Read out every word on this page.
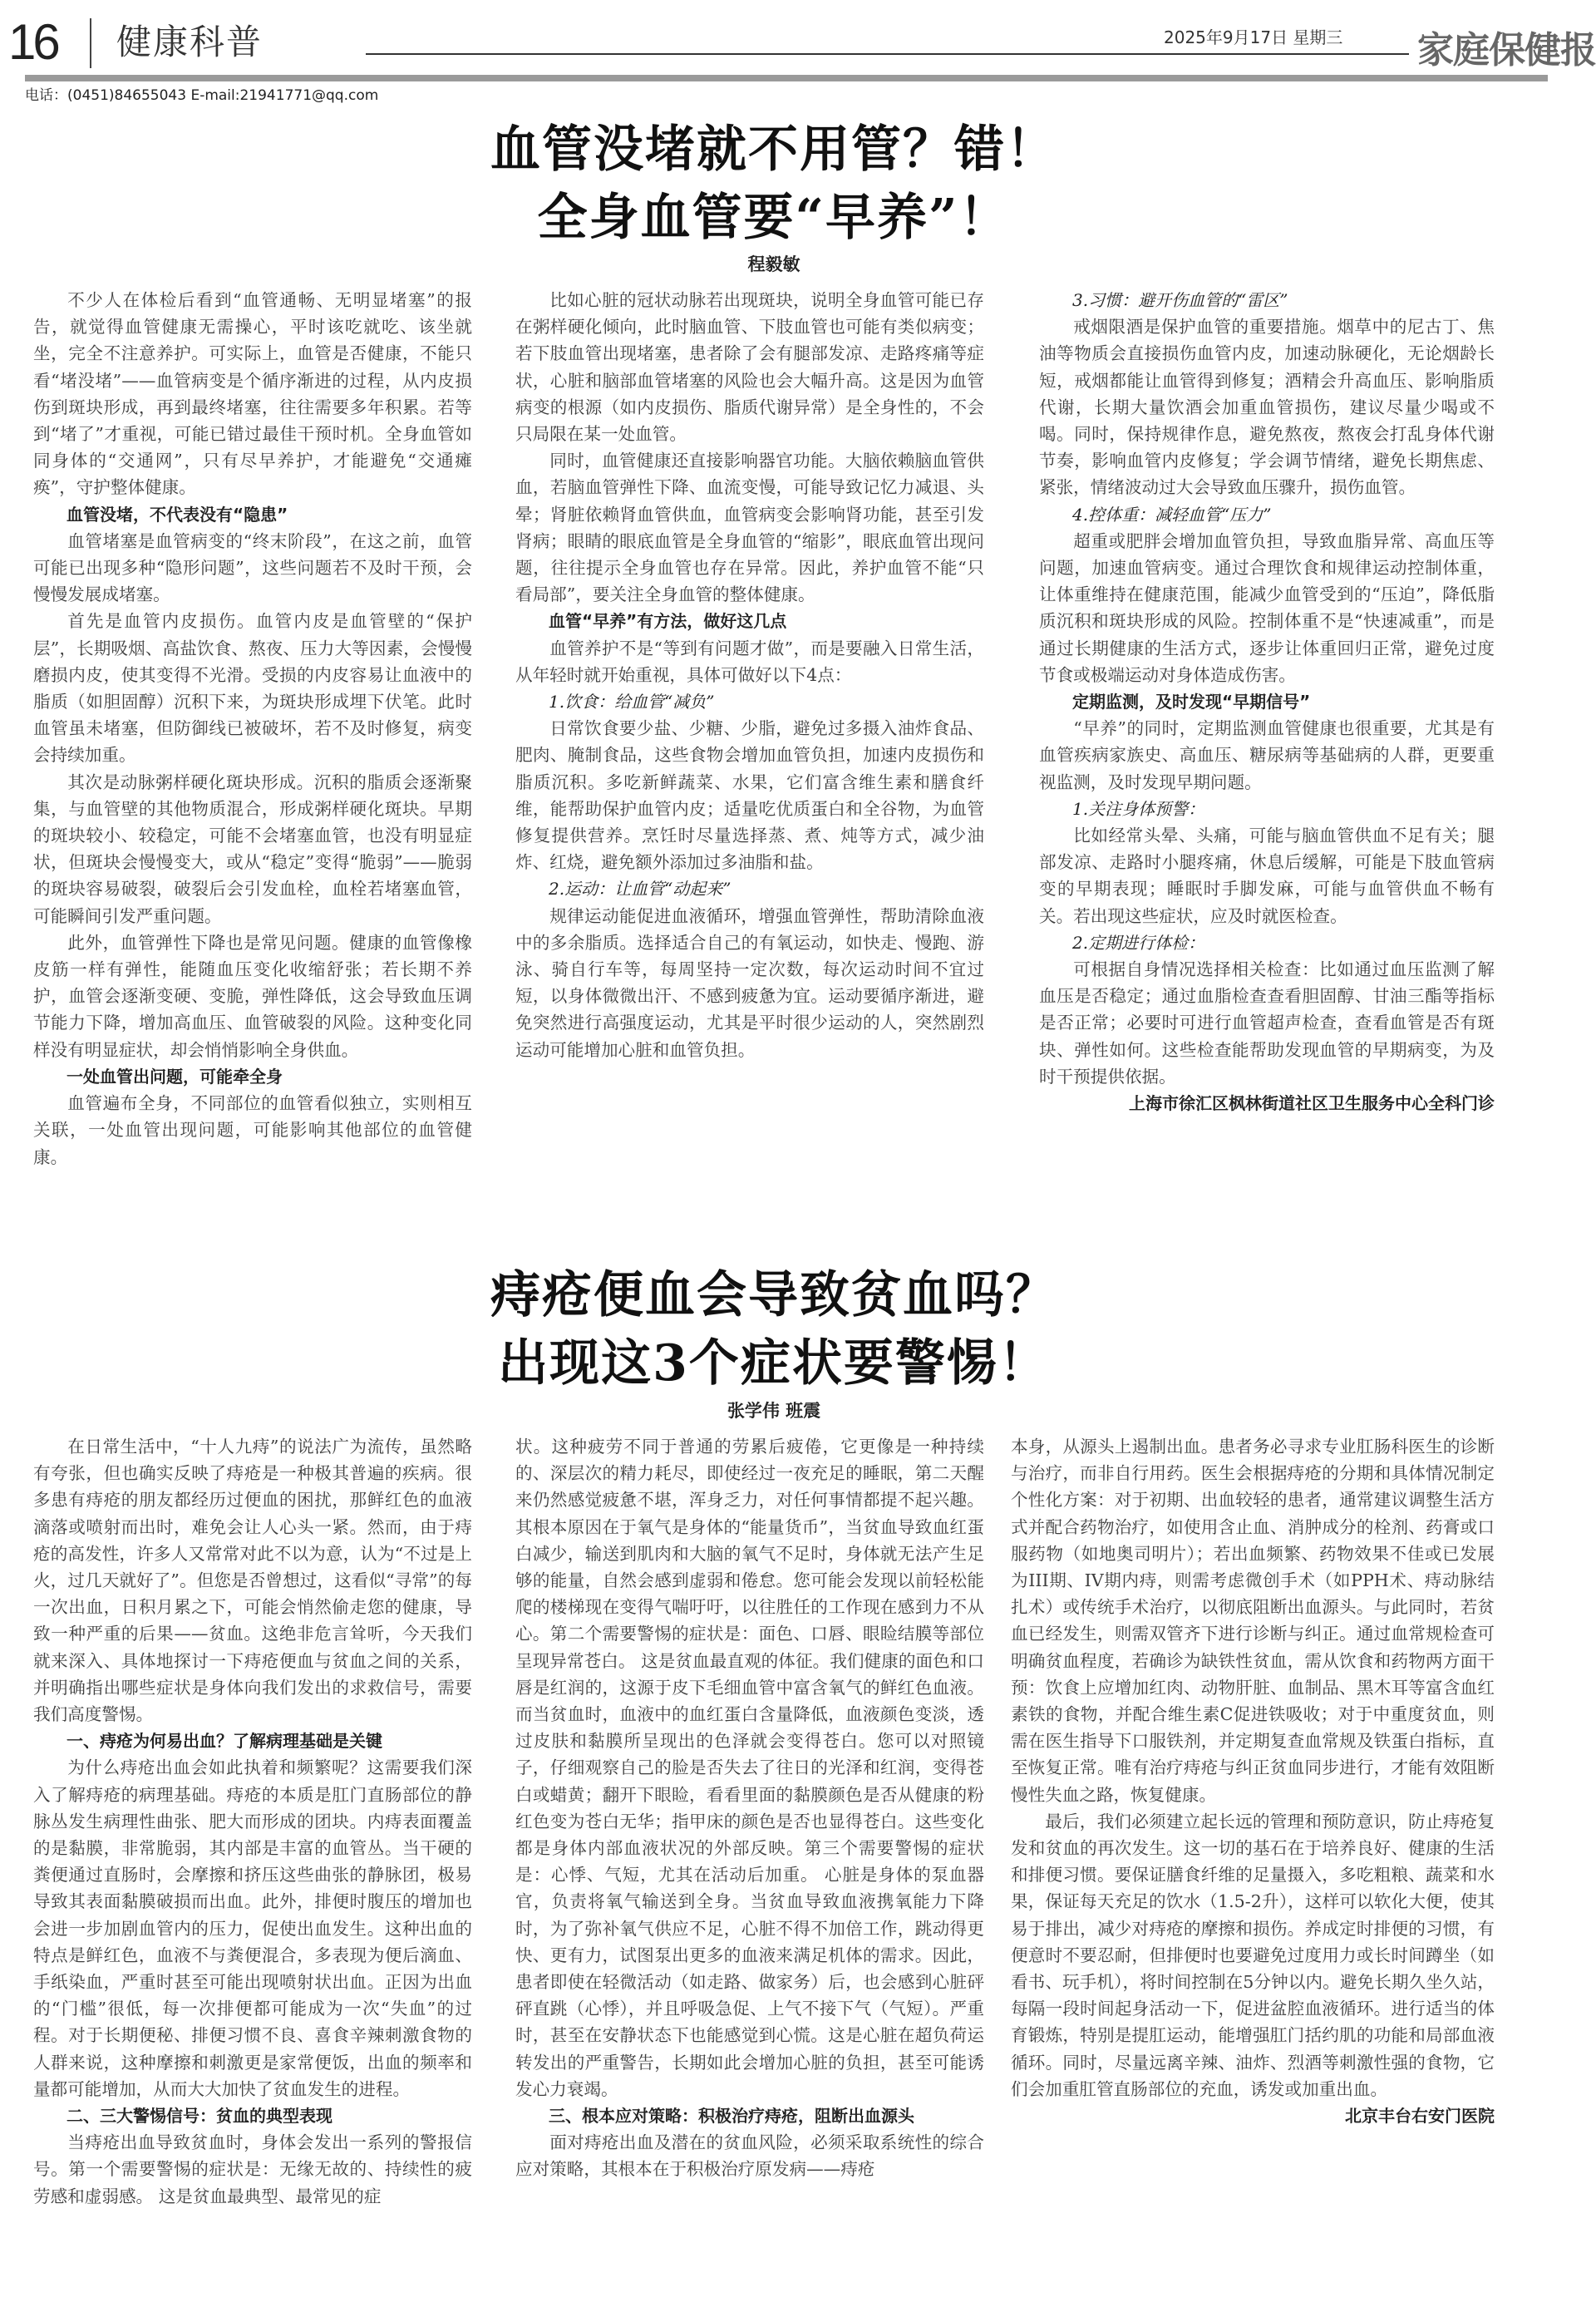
16 健康科普	2025年9月17日 星期三 家庭保健报
电话：(0451)84655043 E-mail:21941771@qq.com
血管没堵就不用管？错！
全身血管要“早养”！
程毅敏

不少人在体检后看到“血管通畅、无明显堵塞”的报告，就觉得血管健康无需操心，平时该吃就吃、该坐就坐，完全不注意养护。可实际上，血管是否健康，不能只看“堵没堵”——血管病变是个循序渐进的过程，从内皮损伤到斑块形成，再到最终堵塞，往往需要多年积累。若等到“堵了”才重视，可能已错过最佳干预时机。全身血管如同身体的“交通网”，只有尽早养护，才能避免“交通瘫痪”，守护整体健康。

血管没堵，不代表没有“隐患”

血管堵塞是血管病变的“终末阶段”，在这之前，血管可能已出现多种“隐形问题”，这些问题若不及时干预，会慢慢发展成堵塞。

首先是血管内皮损伤。血管内皮是血管壁的“保护层”，长期吸烟、高盐饮食、熬夜、压力大等因素，会慢慢磨损内皮，使其变得不光滑。受损的内皮容易让血液中的脂质（如胆固醇）沉积下来，为斑块形成埋下伏笔。此时血管虽未堵塞，但防御线已被破坏，若不及时修复，病变会持续加重。

其次是动脉粥样硬化斑块形成。沉积的脂质会逐渐聚集，与血管壁的其他物质混合，形成粥样硬化斑块。早期的斑块较小、较稳定，可能不会堵塞血管，也没有明显症状，但斑块会慢慢变大，或从“稳定”变得“脆弱”——脆弱的斑块容易破裂，破裂后会引发血栓，血栓若堵塞血管，可能瞬间引发严重问题。

此外，血管弹性下降也是常见问题。健康的血管像橡皮筋一样有弹性，能随血压变化收缩舒张；若长期不养护，血管会逐渐变硬、变脆，弹性降低，这会导致血压调节能力下降，增加高血压、血管破裂的风险。这种变化同样没有明显症状，却会悄悄影响全身供血。

一处血管出问题，可能牵全身

血管遍布全身，不同部位的血管看似独立，实则相互关联，一处血管出现问题，可能影响其他部位的血管健康。

比如心脏的冠状动脉若出现斑块，说明全身血管可能已存在粥样硬化倾向，此时脑血管、下肢血管也可能有类似病变；若下肢血管出现堵塞，患者除了会有腿部发凉、走路疼痛等症状，心脏和脑部血管堵塞的风险也会大幅升高。这是因为血管病变的根源（如内皮损伤、脂质代谢异常）是全身性的，不会只局限在某一处血管。

同时，血管健康还直接影响器官功能。大脑依赖脑血管供血，若脑血管弹性下降、血流变慢，可能导致记忆力减退、头晕；肾脏依赖肾血管供血，血管病变会影响肾功能，甚至引发肾病；眼睛的眼底血管是全身血管的“缩影”，眼底血管出现问题，往往提示全身血管也存在异常。因此，养护血管不能“只看局部”，要关注全身血管的整体健康。

血管“早养”有方法，做好这几点

血管养护不是“等到有问题才做”，而是要融入日常生活，从年轻时就开始重视，具体可做好以下4点：

1.饮食：给血管“减负”

日常饮食要少盐、少糖、少脂，避免过多摄入油炸食品、肥肉、腌制食品，这些食物会增加血管负担，加速内皮损伤和脂质沉积。多吃新鲜蔬菜、水果，它们富含维生素和膳食纤维，能帮助保护血管内皮；适量吃优质蛋白和全谷物，为血管修复提供营养。烹饪时尽量选择蒸、煮、炖等方式，减少油炸、红烧，避免额外添加过多油脂和盐。

2.运动：让血管“动起来”

规律运动能促进血液循环，增强血管弹性，帮助清除血液中的多余脂质。选择适合自己的有氧运动，如快走、慢跑、游泳、骑自行车等，每周坚持一定次数，每次运动时间不宜过短，以身体微微出汗、不感到疲惫为宜。运动要循序渐进，避免突然进行高强度运动，尤其是平时很少运动的人，突然剧烈运动可能增加心脏和血管负担。

3.习惯：避开伤血管的“雷区”

戒烟限酒是保护血管的重要措施。烟草中的尼古丁、焦油等物质会直接损伤血管内皮，加速动脉硬化，无论烟龄长短，戒烟都能让血管得到修复；酒精会升高血压、影响脂质代谢，长期大量饮酒会加重血管损伤，建议尽量少喝或不喝。同时，保持规律作息，避免熬夜，熬夜会打乱身体代谢节奏，影响血管内皮修复；学会调节情绪，避免长期焦虑、紧张，情绪波动过大会导致血压骤升，损伤血管。

4.控体重：减轻血管“压力”

超重或肥胖会增加血管负担，导致血脂异常、高血压等问题，加速血管病变。通过合理饮食和规律运动控制体重，让体重维持在健康范围，能减少血管受到的“压迫”，降低脂质沉积和斑块形成的风险。控制体重不是“快速减重”，而是通过长期健康的生活方式，逐步让体重回归正常，避免过度节食或极端运动对身体造成伤害。

定期监测，及时发现“早期信号”

“早养”的同时，定期监测血管健康也很重要，尤其是有血管疾病家族史、高血压、糖尿病等基础病的人群，更要重视监测，及时发现早期问题。

1.关注身体预警：

比如经常头晕、头痛，可能与脑血管供血不足有关；腿部发凉、走路时小腿疼痛，休息后缓解，可能是下肢血管病变的早期表现；睡眠时手脚发麻，可能与血管供血不畅有关。若出现这些症状，应及时就医检查。

2.定期进行体检：

可根据自身情况选择相关检查：比如通过血压监测了解血压是否稳定；通过血脂检查查看胆固醇、甘油三酯等指标是否正常；必要时可进行血管超声检查，查看血管是否有斑块、弹性如何。这些检查能帮助发现血管的早期病变，为及时干预提供依据。

上海市徐汇区枫林街道社区卫生服务中心全科门诊

痔疮便血会导致贫血吗？
出现这3个症状要警惕！
张学伟 班震

在日常生活中，“十人九痔”的说法广为流传，虽然略有夸张，但也确实反映了痔疮是一种极其普遍的疾病。很多患有痔疮的朋友都经历过便血的困扰，那鲜红色的血液滴落或喷射而出时，难免会让人心头一紧。然而，由于痔疮的高发性，许多人又常常对此不以为意，认为“不过是上火，过几天就好了”。但您是否曾想过，这看似“寻常”的每一次出血，日积月累之下，可能会悄然偷走您的健康，导致一种严重的后果——贫血。这绝非危言耸听，今天我们就来深入、具体地探讨一下痔疮便血与贫血之间的关系，并明确指出哪些症状是身体向我们发出的求救信号，需要我们高度警惕。

一、痔疮为何易出血？了解病理基础是关键

为什么痔疮出血会如此执着和频繁呢？这需要我们深入了解痔疮的病理基础。痔疮的本质是肛门直肠部位的静脉丛发生病理性曲张、肥大而形成的团块。内痔表面覆盖的是黏膜，非常脆弱，其内部是丰富的血管丛。当干硬的粪便通过直肠时，会摩擦和挤压这些曲张的静脉团，极易导致其表面黏膜破损而出血。此外，排便时腹压的增加也会进一步加剧血管内的压力，促使出血发生。这种出血的特点是鲜红色，血液不与粪便混合，多表现为便后滴血、手纸染血，严重时甚至可能出现喷射状出血。正因为出血的“门槛”很低，每一次排便都可能成为一次“失血”的过程。对于长期便秘、排便习惯不良、喜食辛辣刺激食物的人群来说，这种摩擦和刺激更是家常便饭，出血的频率和量都可能增加，从而大大加快了贫血发生的进程。

二、三大警惕信号：贫血的典型表现

当痔疮出血导致贫血时，身体会发出一系列的警报信号。第一个需要警惕的症状是：无缘无故的、持续性的疲劳感和虚弱感。 这是贫血最典型、最常见的症

状。这种疲劳不同于普通的劳累后疲倦，它更像是一种持续的、深层次的精力耗尽，即使经过一夜充足的睡眠，第二天醒来仍然感觉疲惫不堪，浑身乏力，对任何事情都提不起兴趣。其根本原因在于氧气是身体的“能量货币”，当贫血导致血红蛋白减少，输送到肌肉和大脑的氧气不足时，身体就无法产生足够的能量，自然会感到虚弱和倦怠。您可能会发现以前轻松能爬的楼梯现在变得气喘吁吁，以往胜任的工作现在感到力不从心。第二个需要警惕的症状是：面色、口唇、眼睑结膜等部位呈现异常苍白。 这是贫血最直观的体征。我们健康的面色和口唇是红润的，这源于皮下毛细血管中富含氧气的鲜红色血液。而当贫血时，血液中的血红蛋白含量降低，血液颜色变淡，透过皮肤和黏膜所呈现出的色泽就会变得苍白。您可以对照镜子，仔细观察自己的脸是否失去了往日的光泽和红润，变得苍白或蜡黄；翻开下眼睑，看看里面的黏膜颜色是否从健康的粉红色变为苍白无华；指甲床的颜色是否也显得苍白。这些变化都是身体内部血液状况的外部反映。第三个需要警惕的症状是：心悸、气短，尤其在活动后加重。 心脏是身体的泵血器官，负责将氧气输送到全身。当贫血导致血液携氧能力下降时，为了弥补氧气供应不足，心脏不得不加倍工作，跳动得更快、更有力，试图泵出更多的血液来满足机体的需求。因此，患者即使在轻微活动（如走路、做家务）后，也会感到心脏砰砰直跳（心悸），并且呼吸急促、上气不接下气（气短）。严重时，甚至在安静状态下也能感觉到心慌。这是心脏在超负荷运转发出的严重警告，长期如此会增加心脏的负担，甚至可能诱发心力衰竭。

三、根本应对策略：积极治疗痔疮，阻断出血源头

面对痔疮出血及潜在的贫血风险，必须采取系统性的综合应对策略，其根本在于积极治疗原发病——痔疮

本身，从源头上遏制出血。患者务必寻求专业肛肠科医生的诊断与治疗，而非自行用药。医生会根据痔疮的分期和具体情况制定个性化方案：对于初期、出血较轻的患者，通常建议调整生活方式并配合药物治疗，如使用含止血、消肿成分的栓剂、药膏或口服药物（如地奥司明片）；若出血频繁、药物效果不佳或已发展为III期、IV期内痔，则需考虑微创手术（如PPH术、痔动脉结扎术）或传统手术治疗，以彻底阻断出血源头。与此同时，若贫血已经发生，则需双管齐下进行诊断与纠正。通过血常规检查可明确贫血程度，若确诊为缺铁性贫血，需从饮食和药物两方面干预：饮食上应增加红肉、动物肝脏、血制品、黑木耳等富含血红素铁的食物，并配合维生素C促进铁吸收；对于中重度贫血，则需在医生指导下口服铁剂，并定期复查血常规及铁蛋白指标，直至恢复正常。唯有治疗痔疮与纠正贫血同步进行，才能有效阻断慢性失血之路，恢复健康。

最后，我们必须建立起长远的管理和预防意识，防止痔疮复发和贫血的再次发生。这一切的基石在于培养良好、健康的生活和排便习惯。要保证膳食纤维的足量摄入，多吃粗粮、蔬菜和水果，保证每天充足的饮水（1.5-2升），这样可以软化大便，使其易于排出，减少对痔疮的摩擦和损伤。养成定时排便的习惯，有便意时不要忍耐，但排便时也要避免过度用力或长时间蹲坐（如看书、玩手机），将时间控制在5分钟以内。避免长期久坐久站，每隔一段时间起身活动一下，促进盆腔血液循环。进行适当的体育锻炼，特别是提肛运动，能增强肛门括约肌的功能和局部血液循环。同时，尽量远离辛辣、油炸、烈酒等刺激性强的食物，它们会加重肛管直肠部位的充血，诱发或加重出血。

北京丰台右安门医院
